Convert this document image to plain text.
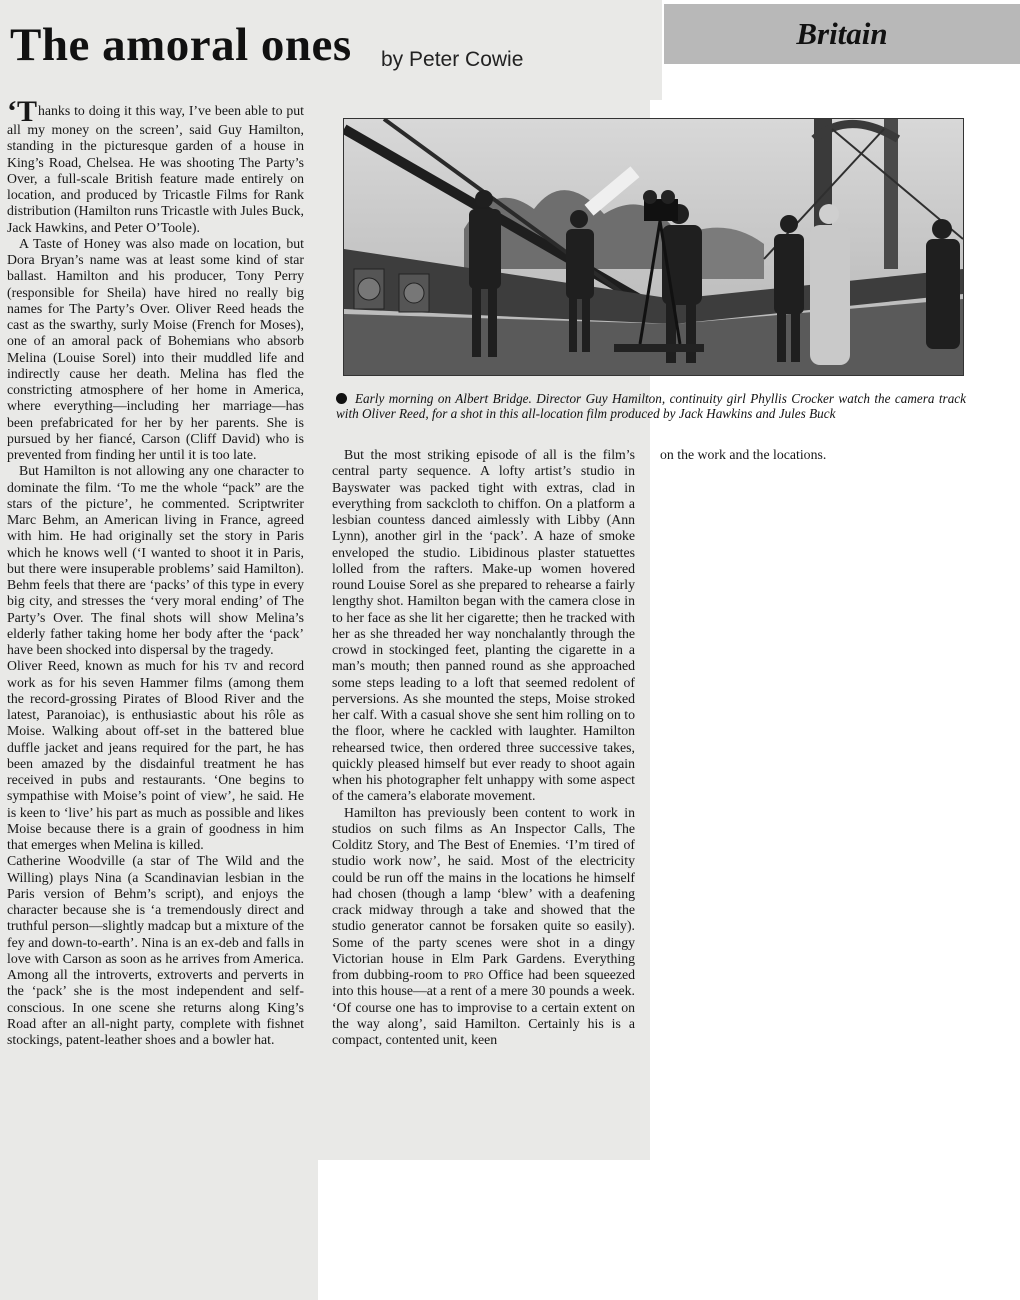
The amoral ones by Peter Cowie
Britain
Early morning on Albert Bridge. Director Guy Hamilton, continuity girl Phyllis Crocker watch the camera track with Oliver Reed, for a shot in this all-location film produced by Jack Hawkins and Jules Buck

‘Thanks to doing it this way, I’ve been able to put all my money on the screen’, said Guy Hamilton, standing in the picturesque garden of a house in King’s Road, Chelsea. He was shooting The Party’s Over, a full-scale British feature made entirely on location, and produced by Tricastle Films for Rank distribution (Hamilton runs Tricastle with Jules Buck, Jack Hawkins, and Peter O’Toole).

A Taste of Honey was also made on location, but Dora Bryan’s name was at least some kind of star ballast. Hamilton and his producer, Tony Perry (responsible for Sheila) have hired no really big names for The Party’s Over. Oliver Reed heads the cast as the swarthy, surly Moise (French for Moses), one of an amoral pack of Bohemians who absorb Melina (Louise Sorel) into their muddled life and indirectly cause her death. Melina has fled the constricting atmosphere of her home in America, where everything—including her marriage—has been prefabricated for her by her parents. She is pursued by her fiancé, Carson (Cliff David) who is prevented from finding her until it is too late.

But Hamilton is not allowing any one character to dominate the film. ‘To me the whole “pack” are the stars of the picture’, he commented. Scriptwriter Marc Behm, an American living in France, agreed with him. He had originally set the story in Paris which he knows well (‘I wanted to shoot it in Paris, but there were insuperable problems’ said Hamilton). Behm feels that there are ‘packs’ of this type in every big city, and stresses the ‘very moral ending’ of The Party’s Over. The final shots will show Melina’s elderly father taking home her body after the ‘pack’ have been shocked into dispersal by the tragedy.

Oliver Reed, known as much for his tv and record work as for his seven Hammer films (among them the record-grossing Pirates of Blood River and the latest, Paranoiac), is enthusiastic about his rôle as Moise. Walking about off-set in the battered blue duffle jacket and jeans required for the part, he has been amazed by the disdainful treatment he has received in pubs and restaurants. ‘One begins to sympathise with Moise’s point of view’, he said. He is keen to ‘live’ his part as much as possible and likes Moise because there is a grain of goodness in him that emerges when Melina is killed.

Catherine Woodville (a star of The Wild and the Willing) plays Nina (a Scandinavian lesbian in the Paris version of Behm’s script), and enjoys the character because she is ‘a tremendously direct and truthful person—slightly madcap but a mixture of the fey and down-to-earth’. Nina is an ex-deb and falls in love with Carson as soon as he arrives from America. Among all the introverts, extroverts and perverts in the ‘pack’ she is the most independent and self-conscious. In one scene she returns along King’s Road after an all-night party, complete with fishnet stockings, patent-leather shoes and a bowler hat.

But the most striking episode of all is the film’s central party sequence. A lofty artist’s studio in Bayswater was packed tight with extras, clad in everything from sackcloth to chiffon. On a platform a lesbian countess danced aimlessly with Libby (Ann Lynn), another girl in the ‘pack’. A haze of smoke enveloped the studio. Libidinous plaster statuettes lolled from the rafters. Make-up women hovered round Louise Sorel as she prepared to rehearse a fairly lengthy shot. Hamilton began with the camera close in to her face as she lit her cigarette; then he tracked with her as she threaded her way nonchalantly through the crowd in stockinged feet, planting the cigarette in a man’s mouth; then panned round as she approached some steps leading to a loft that seemed redolent of perversions. As she mounted the steps, Moise stroked her calf. With a casual shove she sent him rolling on to the floor, where he cackled with laughter. Hamilton rehearsed twice, then ordered three successive takes, quickly pleased himself but ever ready to shoot again when his photographer felt unhappy with some aspect of the camera’s elaborate movement.

Hamilton has previously been content to work in studios on such films as An Inspector Calls, The Colditz Story, and The Best of Enemies. ‘I’m tired of studio work now’, he said. Most of the electricity could be run off the mains in the locations he himself had chosen (though a lamp ‘blew’ with a deafening crack midway through a take and showed that the studio generator cannot be forsaken quite so easily). Some of the party scenes were shot in a dingy Victorian house in Elm Park Gardens. Everything from dubbing-room to pro Office had been squeezed into this house—at a rent of a mere 30 pounds a week. ‘Of course one has to improvise to a certain extent on the way along’, said Hamilton. Certainly his is a compact, contented unit, keen

on the work and the locations.
